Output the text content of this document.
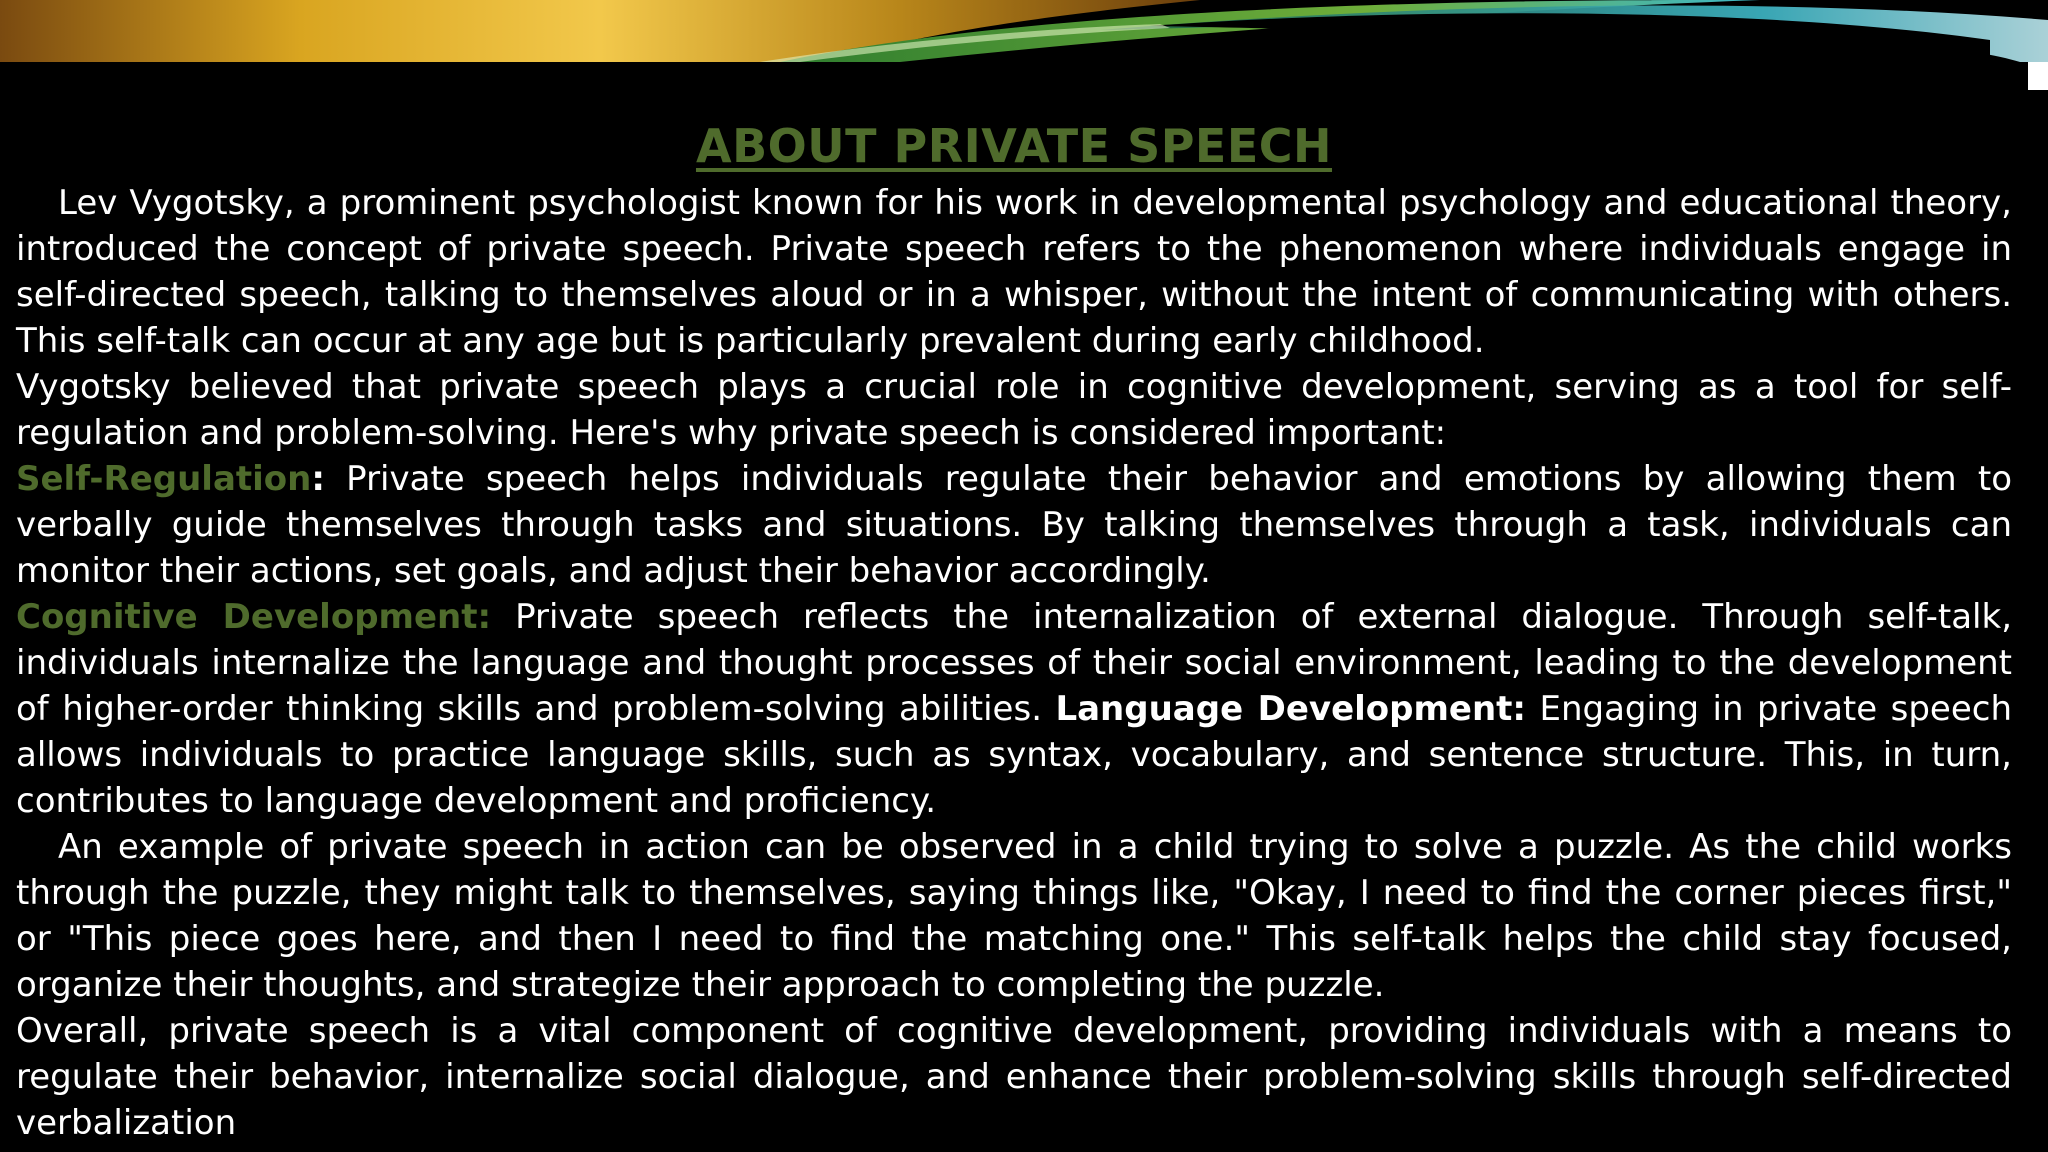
ABOUT PRIVATE SPEECH

Lev Vygotsky, a prominent psychologist known for his work in developmental psychology and educational theory, introduced the concept of private speech. Private speech refers to the phenomenon where individuals engage in self-directed speech, talking to themselves aloud or in a whisper, without the intent of communicating with others. This self-talk can occur at any age but is particularly prevalent during early childhood.

Vygotsky believed that private speech plays a crucial role in cognitive development, serving as a tool for self-regulation and problem-solving. Here's why private speech is considered important:

Self-Regulation: Private speech helps individuals regulate their behavior and emotions by allowing them to verbally guide themselves through tasks and situations. By talking themselves through a task, individuals can monitor their actions, set goals, and adjust their behavior accordingly.

Cognitive Development: Private speech reflects the internalization of external dialogue. Through self-talk, individuals internalize the language and thought processes of their social environment, leading to the development of higher-order thinking skills and problem-solving abilities. Language Development: Engaging in private speech allows individuals to practice language skills, such as syntax, vocabulary, and sentence structure. This, in turn, contributes to language development and proficiency.

An example of private speech in action can be observed in a child trying to solve a puzzle. As the child works through the puzzle, they might talk to themselves, saying things like, "Okay, I need to find the corner pieces first," or "This piece goes here, and then I need to find the matching one." This self-talk helps the child stay focused, organize their thoughts, and strategize their approach to completing the puzzle.

Overall, private speech is a vital component of cognitive development, providing individuals with a means to regulate their behavior, internalize social dialogue, and enhance their problem-solving skills through self-directed verbalization
